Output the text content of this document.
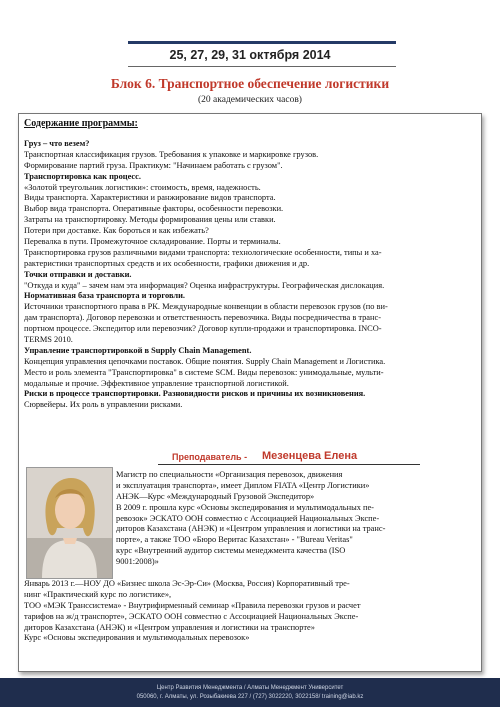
25, 27, 29, 31 октября 2014
Блок 6. Транспортное обеспечение логистики
(20 академических часов)
Содержание программы:
Груз – что везем?
Транспортная классификация грузов. Требования к упаковке и маркировке грузов.
Формирование партий груза. Практикум: "Начинаем работать с грузом".
Транспортировка как процесс.
«Золотой треугольник логистики»: стоимость, время, надежность.
Виды транспорта. Характеристики и ранжирование видов транспорта.
Выбор вида транспорта. Оперативные факторы, особенности перевозки.
Затраты на транспортировку. Методы формирования цены или ставки.
Потери при доставке. Как бороться и как избежать?
Перевалка в пути. Промежуточное складирование. Порты и терминалы.
Транспортировка грузов различными видами транспорта: технологические особенности, типы и ха-
рактеристики транспортных средств и их особенности, графики движения и др.
Точки отправки и доставки.
"Откуда и куда" – зачем нам эта информация? Оценка инфраструктуры. Географическая дислокация.
Нормативная база транспорта и торговли.
Источники транспортного права в РК. Международные конвенции в области перевозок грузов (по ви-
дам транспорта). Договор перевозки и ответственность перевозчика. Виды посредничества в транс-
портном процессе. Экспедитор или перевозчик? Договор купли-продажи и транспортировка. INCO-
TERMS 2010.
Управление транспортировкой в Supply Chain Management.
Концепция управления цепочками поставок. Общие понятия. Supply Chain Management и Логистика.
Место и роль элемента "Транспортировка" в системе SCM. Виды перевозок: унимодальные, мульти-
модальные и прочие. Эффективное управление транспортной логистикой.
Риски в процессе транспортировки. Разновидности рисков и причины их возникновения.
Сюрвейеры. Их роль в управлении рисками.
Преподаватель - Мезенцева Елена
Магистр по специальности «Организация перевозок, движения
и эксплуатация транспорта», имеет Диплом FIATA «Центр Логистики»
АНЭК—Курс «Международный Грузовой Экспедитор»
В 2009 г. прошла курс «Основы экспедирования и мультимодальных пе-
ревозок» ЭСКАТО ООН совместно с Ассоциацией Национальных Экспе-
диторов Казахстана (АНЭК) и «Центром управления и логистики на транс-
порте», а также ТОО «Бюро Веритас Казахстан» - "Bureau Veritas"
курс «Внутренний аудитор системы менеджмента качества (ISO
9001:2008)»
Январь 2013 г.—НОУ ДО «Бизнес школа Эс-Эр-Си» (Москва, Россия) Корпоративный тре-
нинг «Практический курс по логистике»,
ТОО «МЭК Транссистема» - Внутрифирменный семинар «Правила перевозки грузов и расчет
тарифов на ж/д транспорте», ЭСКАТО ООН совместно с Ассоциацией Национальных Экспе-
диторов Казахстана (АНЭК) и «Центром управления и логистики на транспорте»
Курс «Основы экспедирования и мультимодальных перевозок»
Центр Развития Менеджмента / Алматы Менеджмент Университет
050060, г. Алматы, ул. Розыбакиева 227 / (727) 3022220, 3022158/ training@iab.kz
